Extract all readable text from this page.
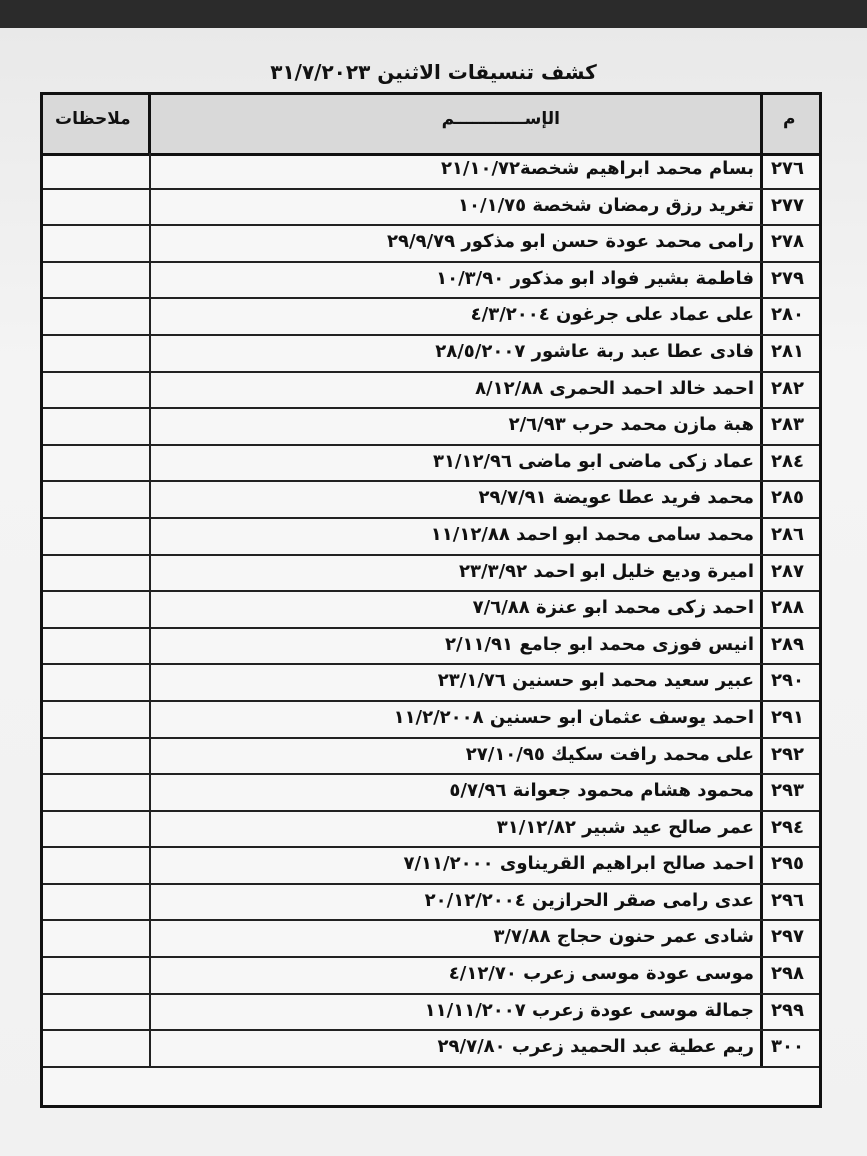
كشف تنسيقات الاثنين ٣١/٧/٢٠٢٣
ملاحظات	الإســــــــــــم	م
بسام محمد ابراهيم شخصة٢١/١٠/٧٢ ٢٧٦
تغريد رزق رمضان شخصة ١٠/١/٧٥ ٢٧٧
رامى محمد عودة حسن ابو مذكور ٢٩/٩/٧٩ ٢٧٨
فاطمة بشير فواد ابو مذكور ١٠/٣/٩٠ ٢٧٩
على عماد على جرغون ٤/٣/٢٠٠٤ ٢٨٠
فادى عطا عبد ربة عاشور ٢٨/٥/٢٠٠٧ ٢٨١
احمد خالد احمد الحمرى ٨/١٢/٨٨ ٢٨٢
هبة مازن محمد حرب ٢/٦/٩٣ ٢٨٣
عماد زكى ماضى ابو ماضى ٣١/١٢/٩٦ ٢٨٤
محمد فريد عطا عويضة ٢٩/٧/٩١ ٢٨٥
محمد سامى محمد ابو احمد ١١/١٢/٨٨ ٢٨٦
اميرة وديع خليل ابو احمد ٢٣/٣/٩٢ ٢٨٧
احمد زكى محمد ابو عنزة ٧/٦/٨٨ ٢٨٨
انيس فوزى محمد ابو جامع ٢/١١/٩١ ٢٨٩
عبير سعيد محمد ابو حسنين ٢٣/١/٧٦ ٢٩٠
احمد يوسف عثمان ابو حسنين ١١/٢/٢٠٠٨ ٢٩١
على محمد رافت سكيك ٢٧/١٠/٩٥ ٢٩٢
محمود هشام محمود جعوانة ٥/٧/٩٦ ٢٩٣
عمر صالح عيد شبير ٣١/١٢/٨٢ ٢٩٤
احمد صالح ابراهيم القريناوى ٧/١١/٢٠٠٠ ٢٩٥
عدى رامى صقر الحرازين ٢٠/١٢/٢٠٠٤ ٢٩٦
شادى عمر حنون حجاج ٣/٧/٨٨ ٢٩٧
موسى عودة موسى زعرب ٤/١٢/٧٠ ٢٩٨
جمالة موسى عودة زعرب ١١/١١/٢٠٠٧ ٢٩٩
ريم عطية عبد الحميد زعرب ٢٩/٧/٨٠ ٣٠٠
